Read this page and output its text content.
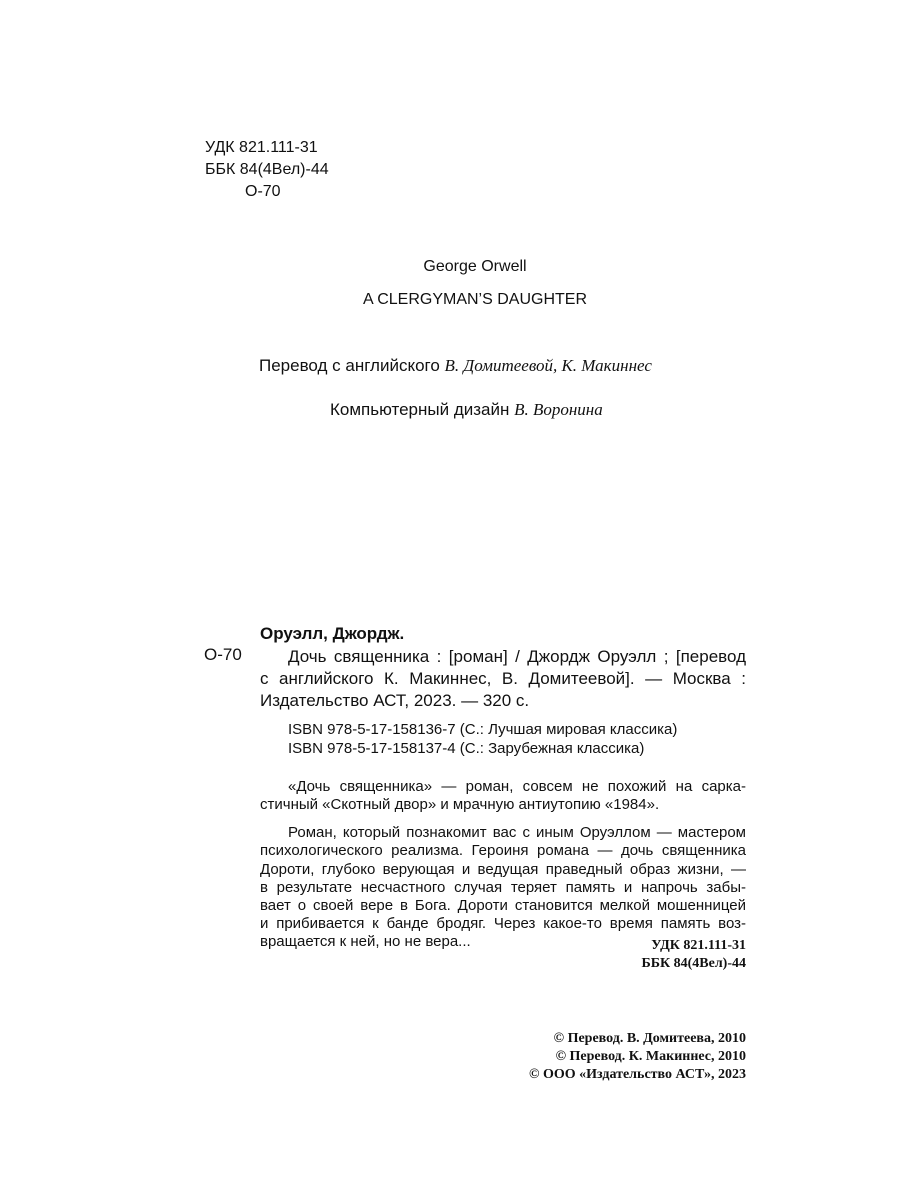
УДК 821.111-31
ББК 84(4Вел)-44
О-70
George Orwell
A CLERGYMAN’S DAUGHTER
Перевод с английского В. Домитеевой, К. Макиннес
Компьютерный дизайн В. Воронина
Оруэлл, Джордж.
О-70	Дочь священника : [роман] / Джордж Оруэлл ; [перевод
с английского К. Макиннес, В. Домитеевой]. — Москва :
Издательство АСТ, 2023. — 320 с.
ISBN 978-5-17-158136-7 (С.: Лучшая мировая классика)
ISBN 978-5-17-158137-4 (С.: Зарубежная классика)
«Дочь священника» — роман, совсем не похожий на сарка-
стичный «Скотный двор» и мрачную антиутопию «1984».
Роман, который познакомит вас с иным Оруэллом — мастером
психологического реализма. Героиня романа — дочь священника
Дороти, глубоко верующая и ведущая праведный образ жизни, —
в результате несчастного случая теряет память и напрочь забы-
вает о своей вере в Бога. Дороти становится мелкой мошенницей
и прибивается к банде бродяг. Через какое-то время память воз-
вращается к ней, но не вера...	УДК 821.111-31
ББК 84(4Вел)-44
© Перевод. В. Домитеева, 2010
© Перевод. К. Макиннес, 2010
© ООО «Издательство АСТ», 2023
